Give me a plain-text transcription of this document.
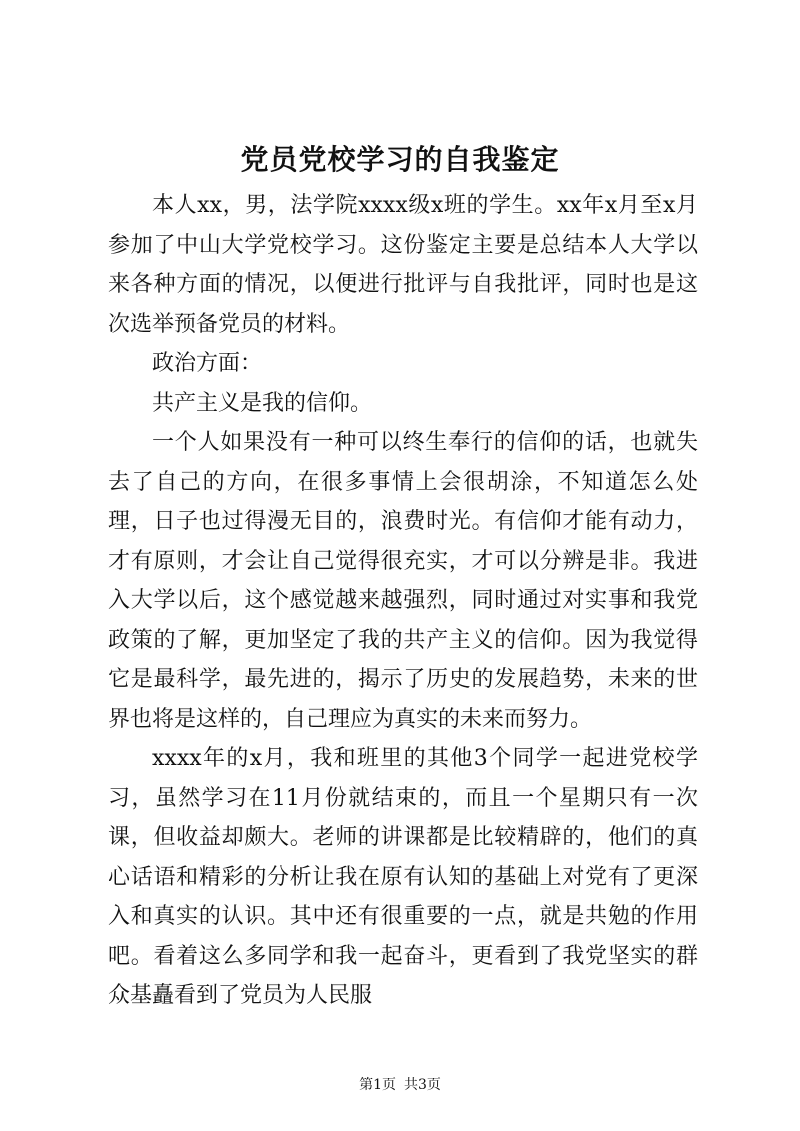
党员党校学习的自我鉴定

本人xx，男，法学院xxxx级x班的学生。xx年x月至x月参加了中山大学党校学习。这份鉴定主要是总结本人大学以来各种方面的情况，以便进行批评与自我批评，同时也是这次选举预备党员的材料。

政治方面：

共产主义是我的信仰。

一个人如果没有一种可以终生奉行的信仰的话，也就失去了自己的方向，在很多事情上会很胡涂，不知道怎么处理，日子也过得漫无目的，浪费时光。有信仰才能有动力，才有原则，才会让自己觉得很充实，才可以分辨是非。我进入大学以后，这个感觉越来越强烈，同时通过对实事和我党政策的了解，更加坚定了我的共产主义的信仰。因为我觉得它是最科学，最先进的，揭示了历史的发展趋势，未来的世界也将是这样的，自己理应为真实的未来而努力。

xxxx年的x月，我和班里的其他3个同学一起进党校学习，虽然学习在11月份就结束的，而且一个星期只有一次课，但收益却颇大。老师的讲课都是比较精辟的，他们的真心话语和精彩的分析让我在原有认知的基础上对党有了更深入和真实的认识。其中还有很重要的一点，就是共勉的作用吧。看着这么多同学和我一起奋斗，更看到了我党坚实的群众基矗看到了党员为人民服

第1页 共3页
